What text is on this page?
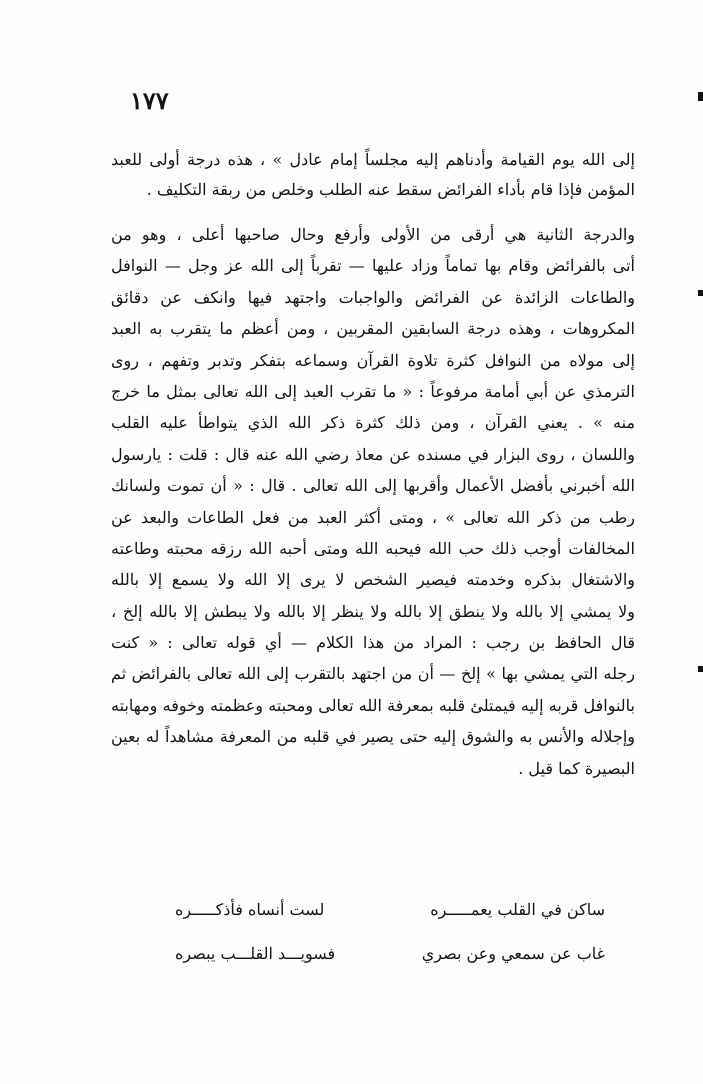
١٧٧
إلى الله يوم القيامة وأدناهم إليه مجلساً إمام عادل » ، هذه درجة أولى للعبد
المؤمن فإذا قام بأداء الفرائض سقط عنه الطلب وخلص من ربقة التكليف .
والدرجة الثانية هي أرقى من الأولى وأرفع وحال صاحبها أعلى ، وهو من
أتى بالفرائض وقام بها تماماً وزاد عليها — تقرباً إلى الله عز وجل — النوافل
والطاعات الزائدة عن الفرائض والواجبات واجتهد فيها وانكف عن دقائق
المكروهات ، وهذه درجة السابقين المقربين ، ومن أعظم ما يتقرب به العبد
إلى مولاه من النوافل كثرة تلاوة القرآن وسماعه بتفكر وتدبر وتفهم ، روى
الترمذي عن أبي أمامة مرفوعاً : « ما تقرب العبد إلى الله تعالى بمثل ما خرج
منه » . يعني القرآن ، ومن ذلك كثرة ذكر الله الذي يتواطأ عليه القلب
واللسان ، روى البزار في مسنده عن معاذ رضي الله عنه قال : قلت : يارسول
الله أخبرني بأفضل الأعمال وأقربها إلى الله تعالى . قال : « أن تموت ولسانك
رطب من ذكر الله تعالى » ، ومتى أكثر العبد من فعل الطاعات والبعد عن
المخالفات أوجب ذلك حب الله فيحبه الله ومتى أحبه الله رزقه محبته وطاعته
والاشتغال بذكره وخدمته فيصير الشخص لا يرى إلا الله ولا يسمع إلا بالله
ولا يمشي إلا بالله ولا ينطق إلا بالله ولا ينظر إلا بالله ولا يبطش إلا بالله إلخ ،
قال الحافظ بن رجب : المراد من هذا الكلام — أي قوله تعالى : « كنت
رجله التي يمشي بها » إلخ — أن من اجتهد بالتقرب إلى الله تعالى بالفرائض ثم
بالنوافل قربه إليه فيمتلئ قلبه بمعرفة الله تعالى ومحبته وعظمته وخوفه ومهابته
وإجلاله والأنس به والشوق إليه حتى يصير في قلبه من المعرفة مشاهداً له بعين
البصيرة كما قيل .
ساكن في القلب يعمـــــره
لست أنساه فأذكـــــره
غاب عن سمعي وعن بصري
فسويـــد القلـــب يبصره
